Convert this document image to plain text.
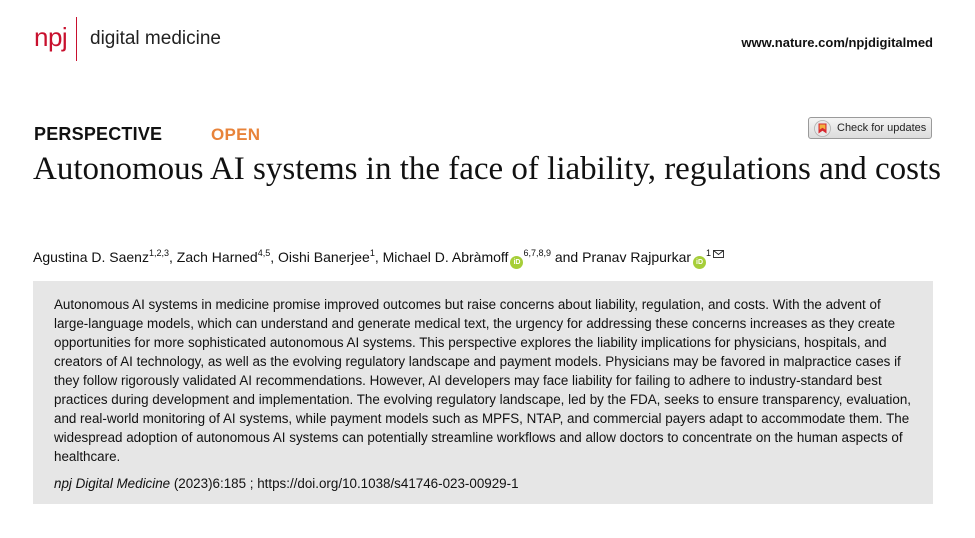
npj digital medicine	www.nature.com/npjdigitalmed
PERSPECTIVE	OPEN	Check for updates
Autonomous AI systems in the face of liability, regulations and costs
Agustina D. Saenz$^{1,2,3}$, Zach Harned$^{4,5}$, Oishi Banerjee$^1$, Michael D. Abràmoff iD$^{6,7,8,9}$ and Pranav Rajpurkar $iD^1$

Autonomous AI systems in medicine promise improved outcomes but raise concerns about liability, regulation, and costs. With the advent of large-language models, which can understand and generate medical text, the urgency for addressing these concerns increases as they create opportunities for more sophisticated autonomous AI systems. This perspective explores the liability implications for physicians, hospitals, and creators of AI technology, as well as the evolving regulatory landscape and payment models. Physicians may be favored in malpractice cases if they follow rigorously validated AI recommendations. However, AI developers may face liability for failing to adhere to industry-standard best practices during development and implementation. The evolving regulatory landscape, led by the FDA, seeks to ensure transparency, evaluation, and real-world monitoring of AI systems, while payment models such as MPFS, NTAP, and commercial payers adapt to accommodate them. The widespread adoption of autonomous AI systems can potentially streamline workflows and allow doctors to concentrate on the human aspects of healthcare.

npj Digital Medicine (2023)6:185 ; https://doi.org/10.1038/s41746-023-00929-1
